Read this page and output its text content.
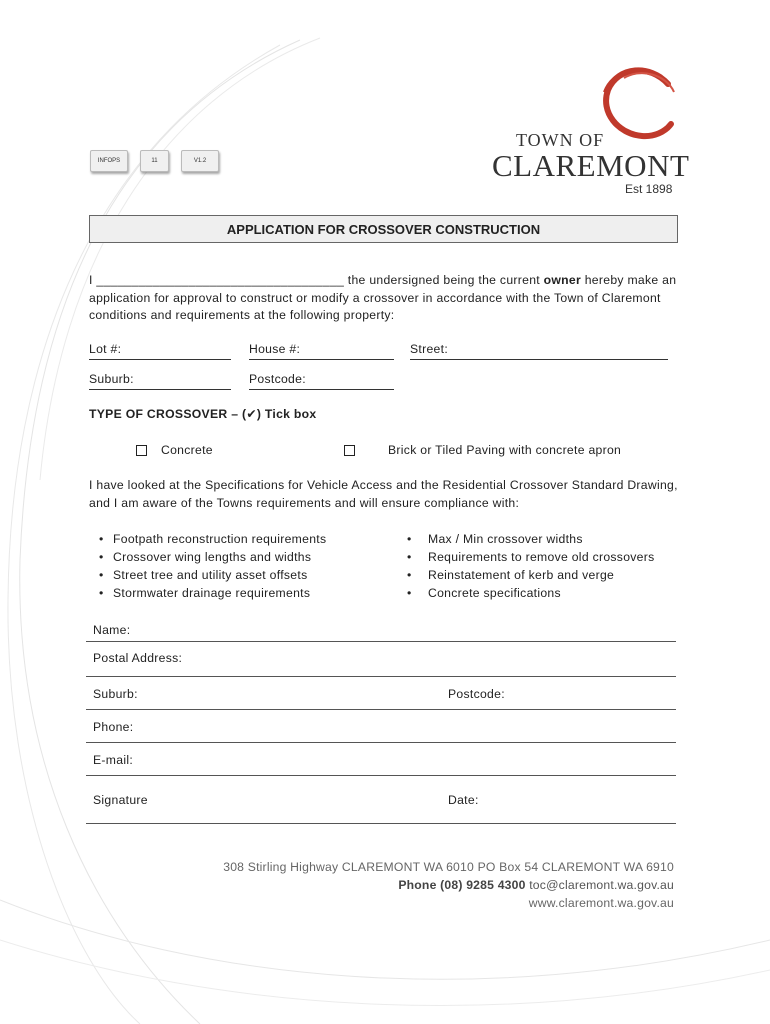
INFOPS	11	V1.2
TOWN OF
CLAREMONT
Est 1898
APPLICATION FOR CROSSOVER CONSTRUCTION
I ___________________________________ the undersigned being the current owner hereby make an application for approval to construct or modify a crossover in accordance with the Town of Claremont conditions and requirements at the following property:
Lot #:	House #:	Street:
Suburb:	Postcode:
TYPE OF CROSSOVER – (✔) Tick box
Concrete	Brick or Tiled Paving with concrete apron
I have looked at the Specifications for Vehicle Access and the Residential Crossover Standard Drawing, and I am aware of the Towns requirements and will ensure compliance with:
• Footpath reconstruction requirements
• Crossover wing lengths and widths
• Street tree and utility asset offsets
• Stormwater drainage requirements
• Max / Min crossover widths
• Requirements to remove old crossovers
• Reinstatement of kerb and verge
• Concrete specifications
Name:
Postal Address:
Suburb:	Postcode:
Phone:
E-mail:
Signature	Date:
308 Stirling Highway CLAREMONT WA 6010 PO Box 54 CLAREMONT WA 6910
Phone (08) 9285 4300 toc@claremont.wa.gov.au
www.claremont.wa.gov.au
